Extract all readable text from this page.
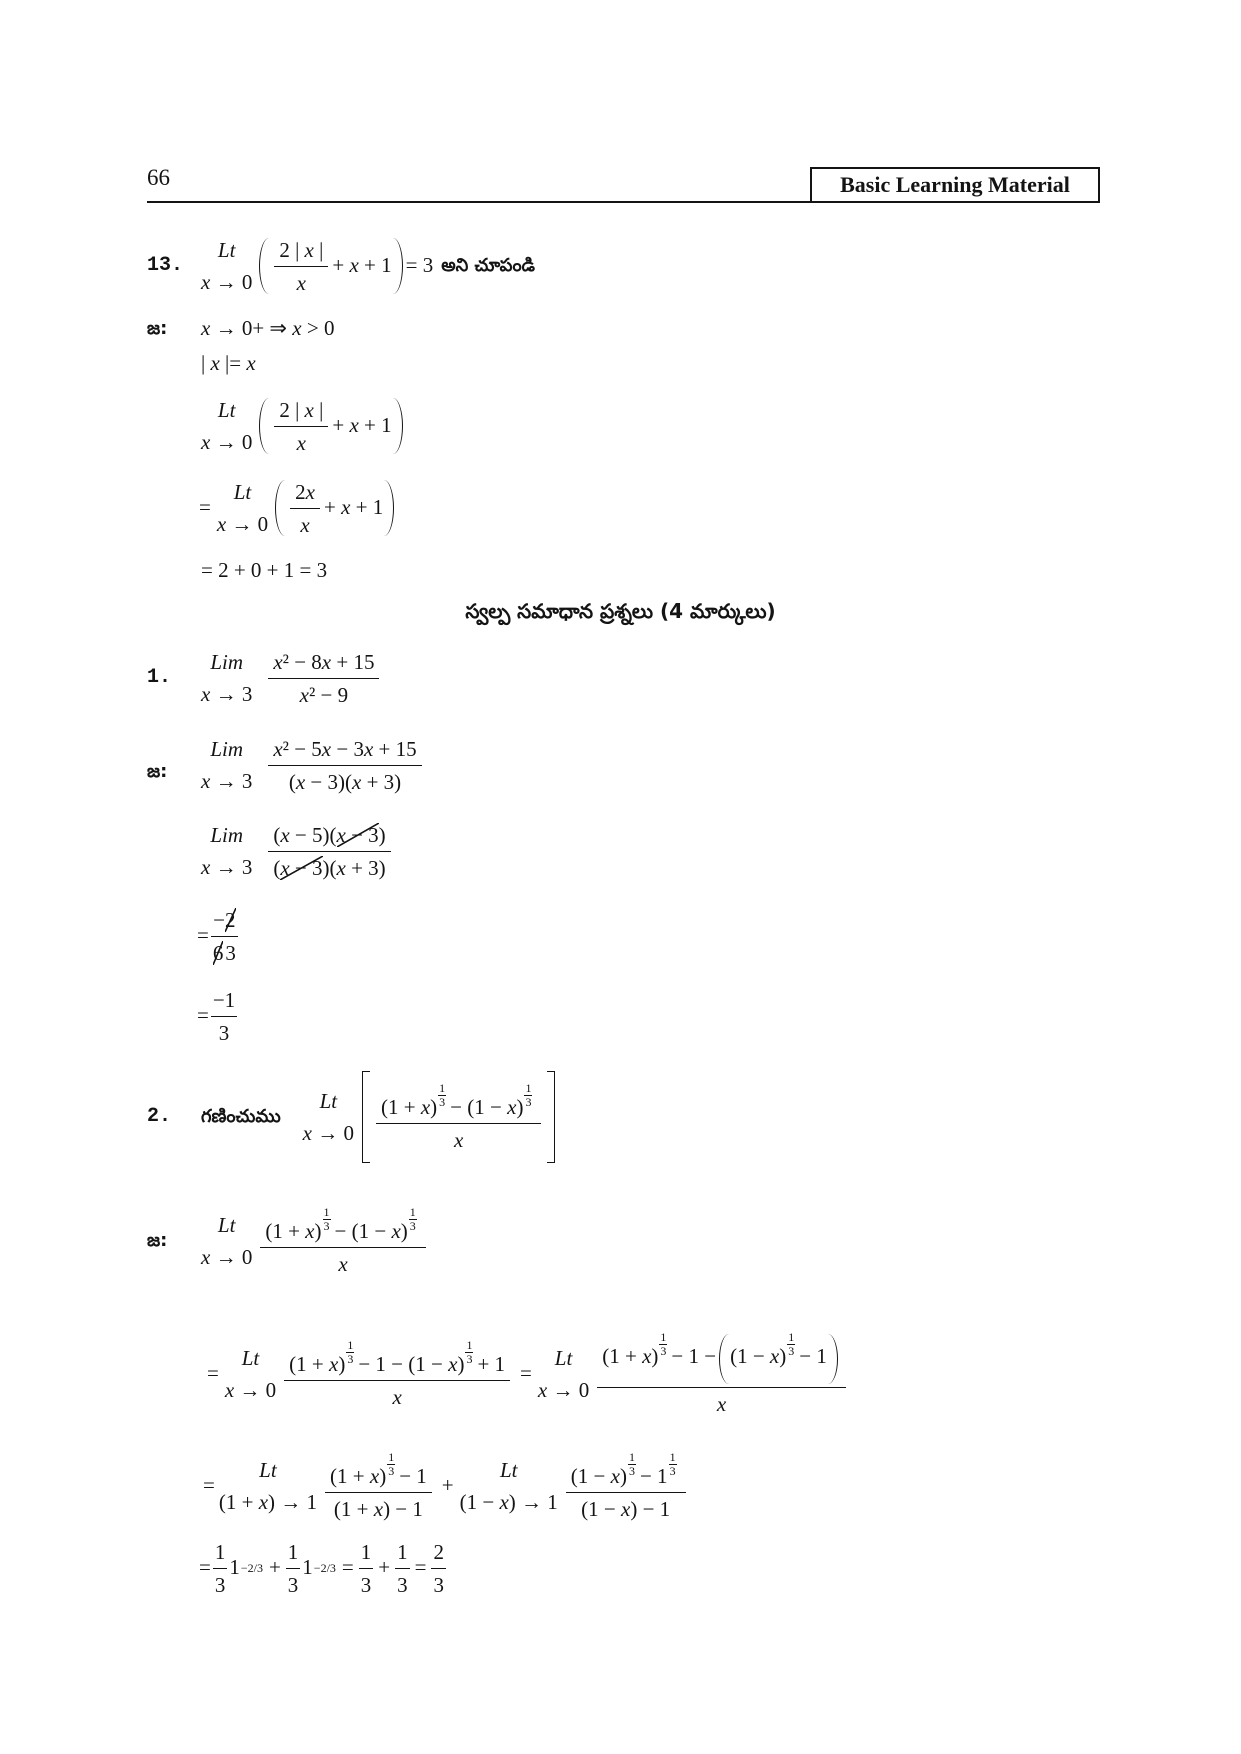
66	Basic Learning Material
13.
Lt
$x \to 0 \frac{2 | x |}{x} + x + 1 = 3$ అని చూపండి
జ:	x → 0+ ⇒ x > 0
| x |= x
Lt
$x \to 0 \frac{2 | x |}{x} + x + 1$
=
Lt
$x \to 0 \frac{2x}{x} + x + 1$
= 2 + 0 + 1 = 3
స్వల్ప సమాధాన ప్రశ్నలు (4 మార్కులు)
1.
Lim
$x \to 3 \frac{\text{x² − 8x + 15}}{\text{x² − 9}}$
జ:
Lim
$x \to 3 \frac{\text{x² − 5x − 3x + 15}}{(x - 3)(x + 3)}$
Lim
$x \to 3 \frac{(x - 5)(x - 3)}{(x - 3)(x + 3)}$
= $\frac{-2}{63}$
= $\frac{-1}{3}$
2.	గణించుము
Lt
$x \to 0 \frac{(1 + x) \frac{1}{3} - (1 - x) \frac{1}{3}}{x}$
జ:
Lt
$x \to 0 \frac{(1 + x) \frac{1}{3} - (1 - x) \frac{1}{3}}{x}$
=
Lt
$x \to 0 \frac{(1 + x) \frac{1}{3} - 1 - (1 - x) \frac{1}{3} + 1}{x}$ =
Lt
$x \to 0 \frac{(1 + x) \frac{1}{3} - 1 - (1 - x) \frac{1}{3} - 1}{x}$
=
Lt
$(1 + x) \to 1 \frac{(1 + x) \frac{1}{3} - 1}{(1 + x) - 1}$ +
Lt
$(1 - x) \to 1 \frac{(1 - x) \frac{1}{3} - 1 \frac{1}{3}}{(1 - x) - 1}$
= $\frac{1}{3} 1 -2/3 + \frac{1}{3} 1 -2/3 = \frac{1}{3} + \frac{1}{3} = \frac{2}{3}$
